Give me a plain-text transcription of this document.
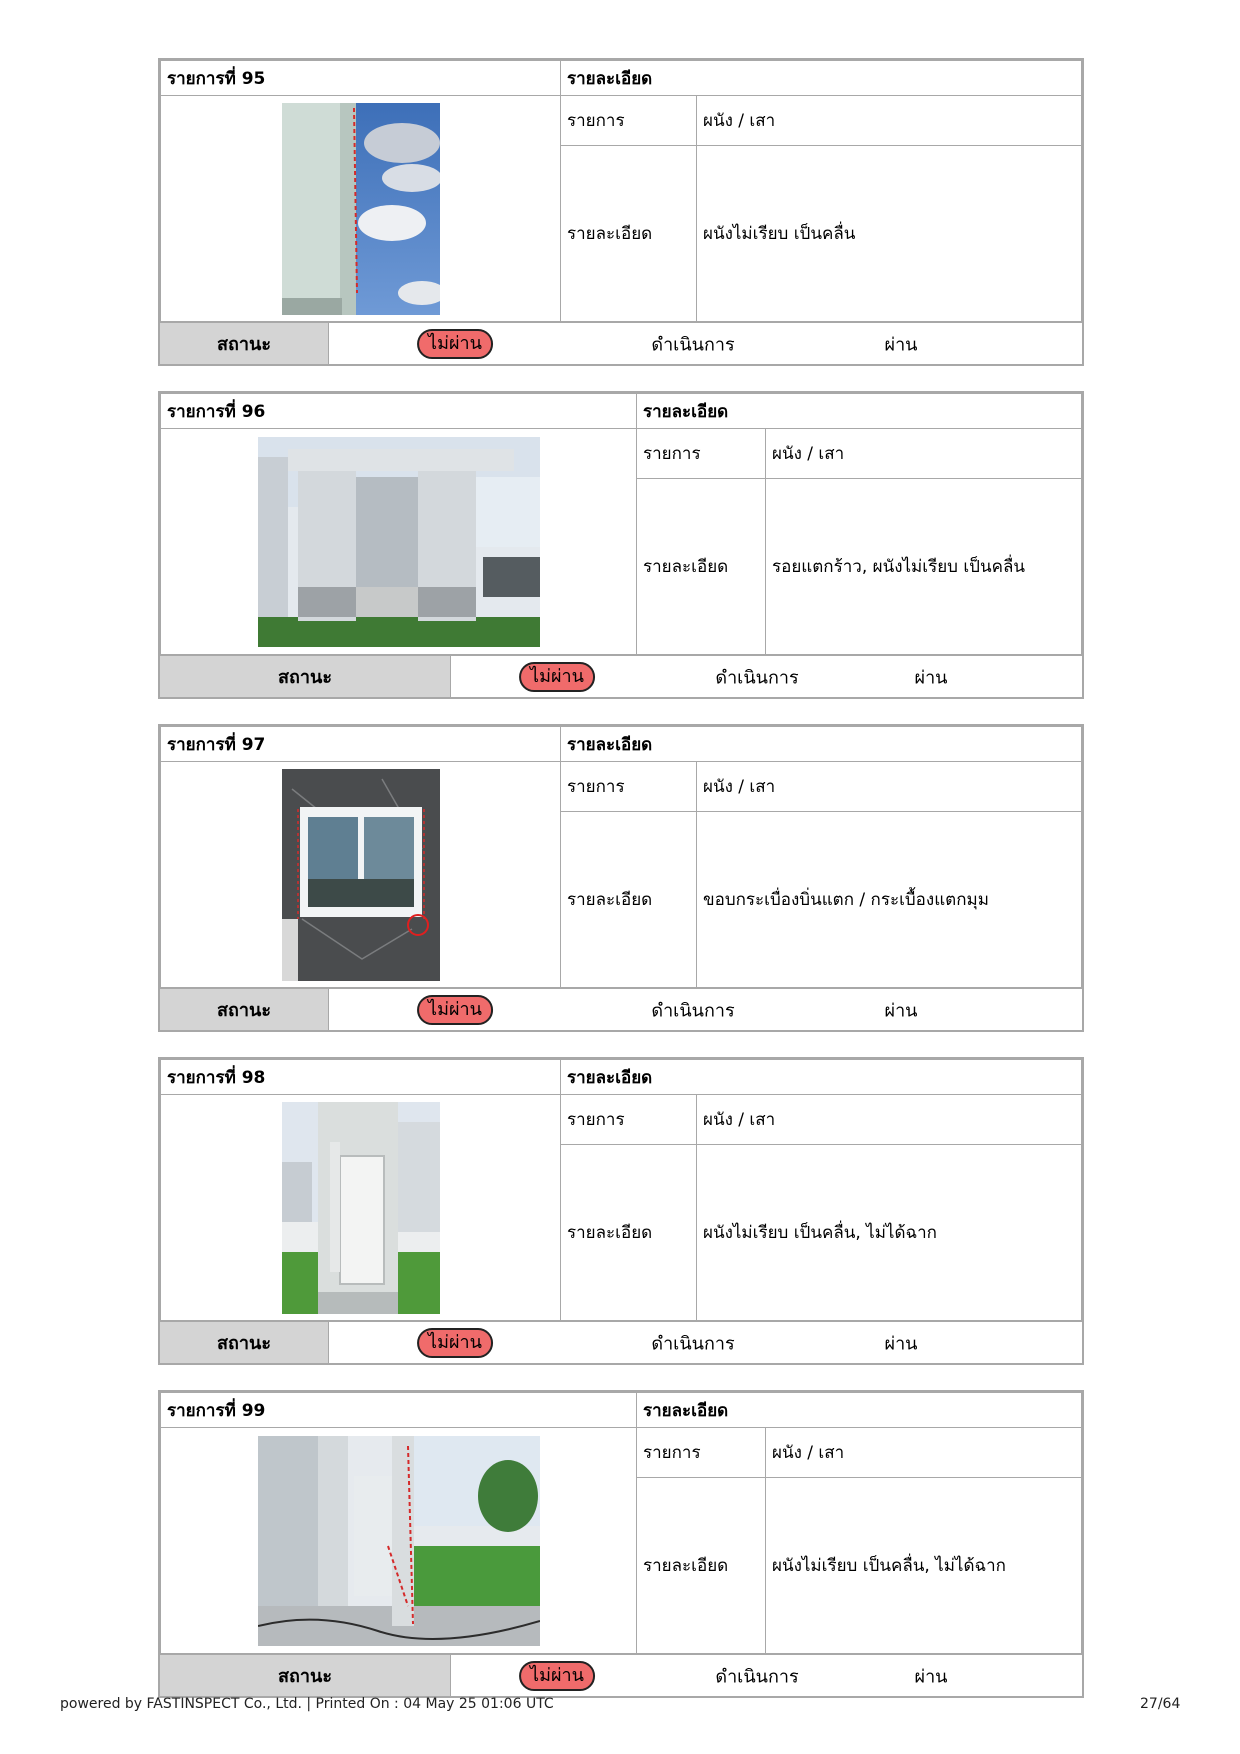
รายการที่ 95	รายละเอียด	

	รายการ	ผนัง / เสา
	รายละเอียด	ผนังไม่เรียบ เป็นคลื่น
สถานะ	ไม่ผ่าน	ดำเนินการ	ผ่าน
รายการที่ 96	รายละเอียด	

	รายการ	ผนัง / เสา
	รายละเอียด	รอยแตกร้าว, ผนังไม่เรียบ เป็นคลื่น
สถานะ	ไม่ผ่าน	ดำเนินการ	ผ่าน
รายการที่ 97	รายละเอียด	

	รายการ	ผนัง / เสา
	รายละเอียด	ขอบกระเบื่องบิ่นแตก / กระเบื้องแตกมุม
สถานะ	ไม่ผ่าน	ดำเนินการ	ผ่าน
รายการที่ 98	รายละเอียด	

	รายการ	ผนัง / เสา
	รายละเอียด	ผนังไม่เรียบ เป็นคลื่น, ไม่ได้ฉาก
สถานะ	ไม่ผ่าน	ดำเนินการ	ผ่าน
รายการที่ 99	รายละเอียด	

	รายการ	ผนัง / เสา
	รายละเอียด	ผนังไม่เรียบ เป็นคลื่น, ไม่ได้ฉาก
สถานะ	ไม่ผ่าน	ดำเนินการ	ผ่าน
powered by FASTINSPECT Co., Ltd. | Printed On : 04 May 25 01:06 UTC	27/64
